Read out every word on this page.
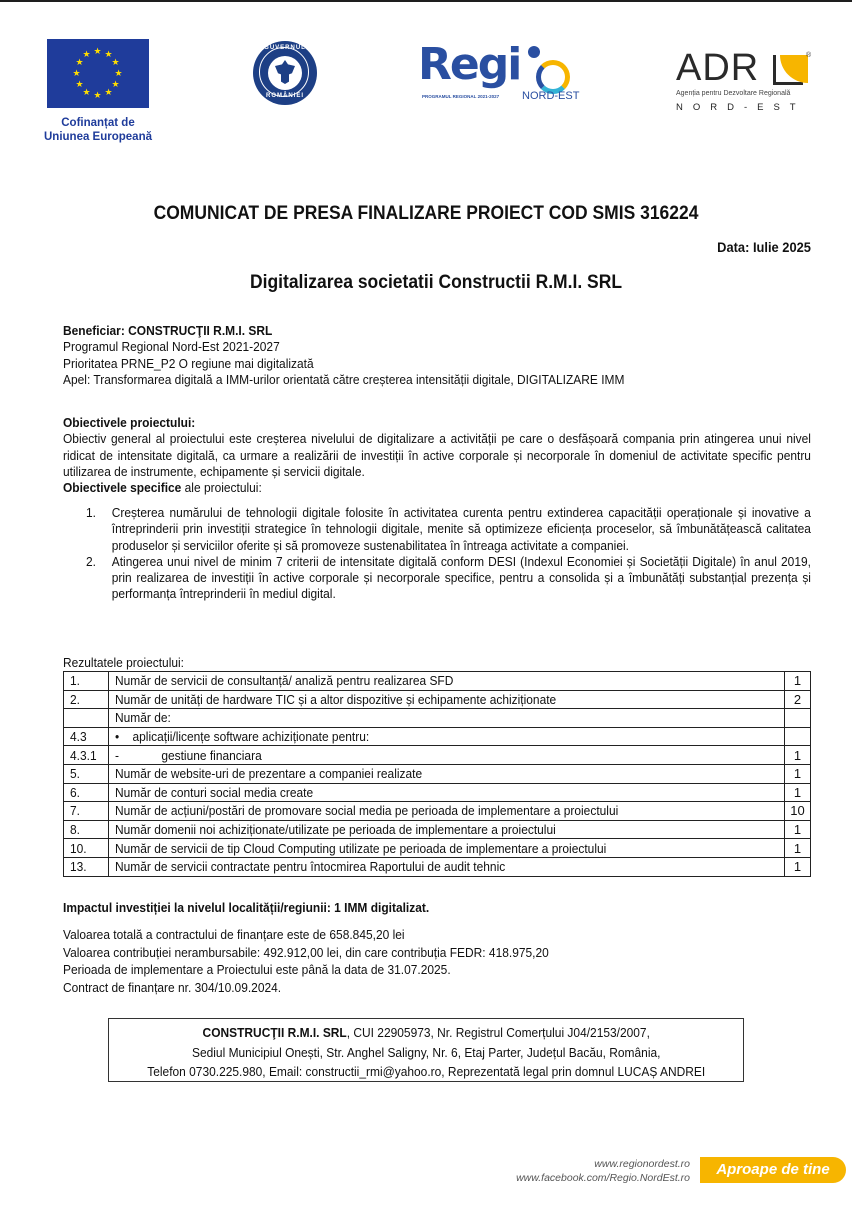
★ ★
★
★
★
★
★
★
★
★
★
★
Cofinanțat de
Uniunea Europeană
GUVERNUL
ROMÂNIEI
Regi
PROGRAMUL REGIONAL 2021-2027 NORD-EST
ADR	®
Agenția pentru Dezvoltare Regională
NORD-EST
COMUNICAT DE PRESA FINALIZARE PROIECT COD SMIS 316224
Data: Iulie 2025
Digitalizarea societatii Constructii R.M.I. SRL

Beneficiar: CONSTRUCŢII R.M.I. SRL

Programul Regional Nord-Est 2021-2027

Prioritatea PRNE_P2 O regiune mai digitalizată

Apel: Transformarea digitală a IMM-urilor orientată către creșterea intensității digitale, DIGITALIZARE IMM

Obiectivele proiectului:

Obiectiv general al proiectului este creșterea nivelului de digitalizare a activității pe care o desfășoară compania prin atingerea unui nivel ridicat de intensitate digitală, ca urmare a realizării de investiții în active corporale și necorporale în domeniul de activitate specific pentru utilizarea de instrumente, echipamente și servicii digitale.

Obiectivele specifice ale proiectului:

1. Creșterea numărului de tehnologii digitale folosite în activitatea curenta pentru extinderea capacității operaționale și inovative a întreprinderii prin investiții strategice în tehnologii digitale, menite să optimizeze eficiența proceselor, să îmbunătățească calitatea produselor și serviciilor oferite și să promoveze sustenabilitatea în întreaga activitate a companiei.

2. Atingerea unui nivel de minim 7 criterii de intensitate digitală conform DESI (Indexul Economiei și Societății Digitale) în anul 2019, prin realizarea de investiții în active corporale și necorporale specifice, pentru a consolida și a îmbunătăți substanțial prezența și performanța întreprinderii în mediul digital.

Rezultatele proiectului:
1.	Număr de servicii de consultanță/ analiză pentru realizarea SFD	1
2.	Număr de unități de hardware TIC și a altor dispozitive și echipamente achiziționate	2
	Număr de:	
4.3	• aplicații/licențe software achiziționate pentru:	
4.3.1	- gestiune financiara	1
5.	Număr de website-uri de prezentare a companiei realizate	1
6.	Număr de conturi social media create	1
7.	Număr de acțiuni/postări de promovare social media pe perioada de implementare a proiectului	10
8.	Număr domenii noi achiziționate/utilizate pe perioada de implementare a proiectului	1
10.	Număr de servicii de tip Cloud Computing utilizate pe perioada de implementare a proiectului	1
13.	Număr de servicii contractate pentru întocmirea Raportului de audit tehnic	1
Impactul investiției la nivelul localității/regiunii: 1 IMM digitalizat.

Valoarea totală a contractului de finanțare este de 658.845,20 lei

Valoarea contribuției nerambursabile: 492.912,00 lei, din care contribuția FEDR: 418.975,20

Perioada de implementare a Proiectului este până la data de 31.07.2025.

Contract de finanțare nr. 304/10.09.2024.

CONSTRUCŢII R.M.I. SRL, CUI 22905973, Nr. Registrul Comerțului J04/2153/2007,

Sediul Municipiul Onești, Str. Anghel Saligny, Nr. 6, Etaj Parter, Județul Bacău, România,

Telefon 0730.225.980, Email: constructii_rmi@yahoo.ro, Reprezentată legal prin domnul LUCAȘ ANDREI

www.regionordest.ro
www.facebook.com/Regio.NordEst.ro	Aproape de tine
